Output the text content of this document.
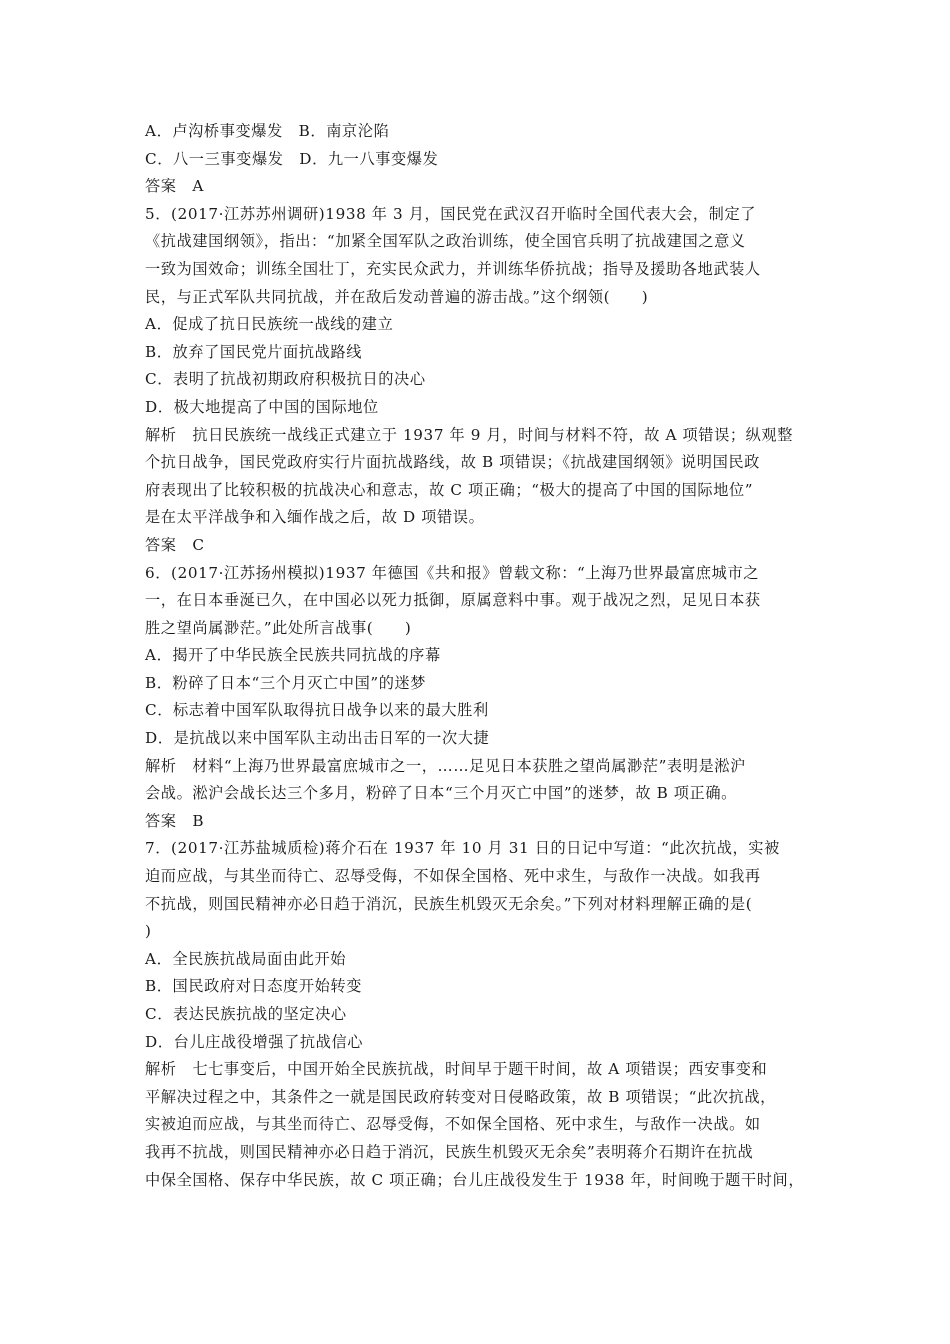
A．卢沟桥事变爆发　B．南京沦陷
C．八一三事变爆发　D．九一八事变爆发
答案　A
5．(2017·江苏苏州调研)1938 年 3 月，国民党在武汉召开临时全国代表大会，制定了
《抗战建国纲领》，指出：“加紧全国军队之政治训练，使全国官兵明了抗战建国之意义
一致为国效命；训练全国壮丁，充实民众武力，并训练华侨抗战；指导及援助各地武装人
民，与正式军队共同抗战，并在敌后发动普遍的游击战。”这个纲领(　　)
A．促成了抗日民族统一战线的建立
B．放弃了国民党片面抗战路线
C．表明了抗战初期政府积极抗日的决心
D．极大地提高了中国的国际地位
解析　抗日民族统一战线正式建立于 1937 年 9 月，时间与材料不符，故 A 项错误；纵观整
个抗日战争，国民党政府实行片面抗战路线，故 B 项错误；《抗战建国纲领》说明国民政
府表现出了比较积极的抗战决心和意志，故 C 项正确；“极大的提高了中国的国际地位”
是在太平洋战争和入缅作战之后，故 D 项错误。
答案　C
6．(2017·江苏扬州模拟)1937 年德国《共和报》曾载文称：“上海乃世界最富庶城市之
一，在日本垂涎已久，在中国必以死力抵御，原属意料中事。观于战况之烈，足见日本获
胜之望尚属渺茫。”此处所言战事(　　)
A．揭开了中华民族全民族共同抗战的序幕
B．粉碎了日本“三个月灭亡中国”的迷梦
C．标志着中国军队取得抗日战争以来的最大胜利
D．是抗战以来中国军队主动出击日军的一次大捷
解析　材料“上海乃世界最富庶城市之一，……足见日本获胜之望尚属渺茫”表明是淞沪
会战。淞沪会战长达三个多月，粉碎了日本“三个月灭亡中国”的迷梦，故 B 项正确。
答案　B
7．(2017·江苏盐城质检)蒋介石在 1937 年 10 月 31 日的日记中写道：“此次抗战，实被
迫而应战，与其坐而待亡、忍辱受侮，不如保全国格、死中求生，与敌作一决战。如我再
不抗战，则国民精神亦必日趋于消沉，民族生机毁灭无余矣。”下列对材料理解正确的是(
)
A．全民族抗战局面由此开始
B．国民政府对日态度开始转变
C．表达民族抗战的坚定决心
D．台儿庄战役增强了抗战信心
解析　七七事变后，中国开始全民族抗战，时间早于题干时间，故 A 项错误；西安事变和
平解决过程之中，其条件之一就是国民政府转变对日侵略政策，故 B 项错误；“此次抗战，
实被迫而应战，与其坐而待亡、忍辱受侮，不如保全国格、死中求生，与敌作一决战。如
我再不抗战，则国民精神亦必日趋于消沉，民族生机毁灭无余矣”表明蒋介石期许在抗战
中保全国格、保存中华民族，故 C 项正确；台儿庄战役发生于 1938 年，时间晚于题干时间，
